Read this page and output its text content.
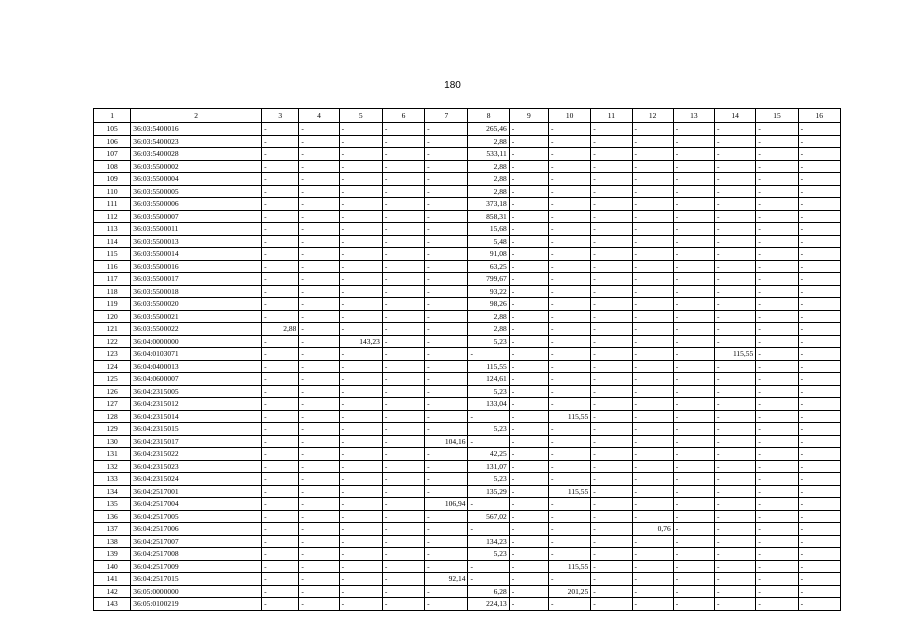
180
1	2	3	4	5	6	7	8	9	10	11	12	13	14	15	16
105	36:03:5400016	-	-	-	-	-	265,46	-	-	-	-	-	-	-	-
106	36:03:5400023	-	-	-	-	-	2,88	-	-	-	-	-	-	-	-
107	36:03:5400028	-	-	-	-	-	533,11	-	-	-	-	-	-	-	-
108	36:03:5500002	-	-	-	-	-	2,88	-	-	-	-	-	-	-	-
109	36:03:5500004	-	-	-	-	-	2,88	-	-	-	-	-	-	-	-
110	36:03:5500005	-	-	-	-	-	2,88	-	-	-	-	-	-	-	-
111	36:03:5500006	-	-	-	-	-	373,18	-	-	-	-	-	-	-	-
112	36:03:5500007	-	-	-	-	-	858,31	-	-	-	-	-	-	-	-
113	36:03:5500011	-	-	-	-	-	15,68	-	-	-	-	-	-	-	-
114	36:03:5500013	-	-	-	-	-	5,48	-	-	-	-	-	-	-	-
115	36:03:5500014	-	-	-	-	-	91,08	-	-	-	-	-	-	-	-
116	36:03:5500016	-	-	-	-	-	63,25	-	-	-	-	-	-	-	-
117	36:03:5500017	-	-	-	-	-	799,67	-	-	-	-	-	-	-	-
118	36:03:5500018	-	-	-	-	-	93,22	-	-	-	-	-	-	-	-
119	36:03:5500020	-	-	-	-	-	98,26	-	-	-	-	-	-	-	-
120	36:03:5500021	-	-	-	-	-	2,88	-	-	-	-	-	-	-	-
121	36:03:5500022	2,88	-	-	-	-	2,88	-	-	-	-	-	-	-	-
122	36:04:0000000	-	-	143,23	-	-	5,23	-	-	-	-	-	-	-	-
123	36:04:0103071	-	-	-	-	-	-	-	-	-	-	-	115,55	-	-
124	36:04:0400013	-	-	-	-	-	115,55	-	-	-	-	-	-	-	-
125	36:04:0600007	-	-	-	-	-	124,61	-	-	-	-	-	-	-	-
126	36:04:2315005	-	-	-	-	-	5,23	-	-	-	-	-	-	-	-
127	36:04:2315012	-	-	-	-	-	133,04	-	-	-	-	-	-	-	-
128	36:04:2315014	-	-	-	-	-	-	-	115,55	-	-	-	-	-	-
129	36:04:2315015	-	-	-	-	-	5,23	-	-	-	-	-	-	-	-
130	36:04:2315017	-	-	-	-	104,16	-	-	-	-	-	-	-	-	-
131	36:04:2315022	-	-	-	-	-	42,25	-	-	-	-	-	-	-	-
132	36:04:2315023	-	-	-	-	-	131,07	-	-	-	-	-	-	-	-
133	36:04:2315024	-	-	-	-	-	5,23	-	-	-	-	-	-	-	-
134	36:04:2517001	-	-	-	-	-	135,29	-	115,55	-	-	-	-	-	-
135	36:04:2517004	-	-	-	-	106,94	-	-	-	-	-	-	-	-	-
136	36:04:2517005	-	-	-	-	-	567,02	-	-	-	-	-	-	-	-
137	36:04:2517006	-	-	-	-	-	-	-	-	-	0,76	-	-	-	-
138	36:04:2517007	-	-	-	-	-	134,23	-	-	-	-	-	-	-	-
139	36:04:2517008	-	-	-	-	-	5,23	-	-	-	-	-	-	-	-
140	36:04:2517009	-	-	-	-	-	-	-	115,55	-	-	-	-	-	-
141	36:04:2517015	-	-	-	-	92,14	-	-	-	-	-	-	-	-	-
142	36:05:0000000	-	-	-	-	-	6,28	-	201,25	-	-	-	-	-	-
143	36:05:0100219	-	-	-	-	-	224,13	-	-	-	-	-	-	-	-
